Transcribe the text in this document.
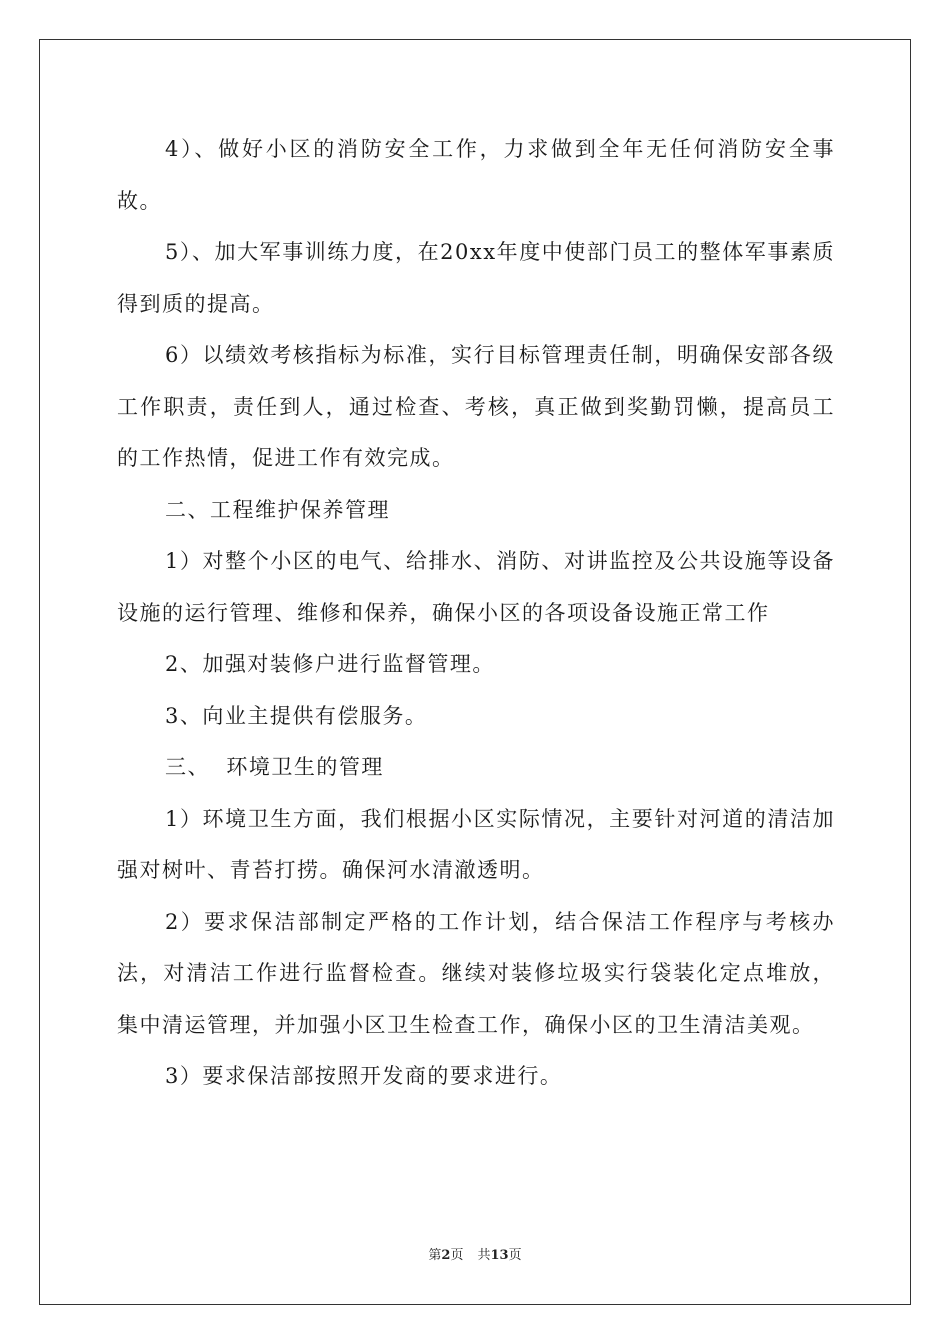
4）、做好小区的消防安全工作，力求做到全年无任何消防安全事故。

5）、加大军事训练力度，在20xx年度中使部门员工的整体军事素质得到质的提高。

6）以绩效考核指标为标准，实行目标管理责任制，明确保安部各级工作职责，责任到人，通过检查、考核，真正做到奖勤罚懒，提高员工的工作热情，促进工作有效完成。

二、工程维护保养管理

1）对整个小区的电气、给排水、消防、对讲监控及公共设施等设备设施的运行管理、维修和保养，确保小区的各项设备设施正常工作

2、加强对装修户进行监督管理。

3、向业主提供有偿服务。

三、  环境卫生的管理

1）环境卫生方面，我们根据小区实际情况，主要针对河道的清洁加强对树叶、青苔打捞。确保河水清澈透明。

2）要求保洁部制定严格的工作计划，结合保洁工作程序与考核办法，对清洁工作进行监督检查。继续对装修垃圾实行袋装化定点堆放，集中清运管理，并加强小区卫生检查工作，确保小区的卫生清洁美观。

3）要求保洁部按照开发商的要求进行。

第2页 共13页
